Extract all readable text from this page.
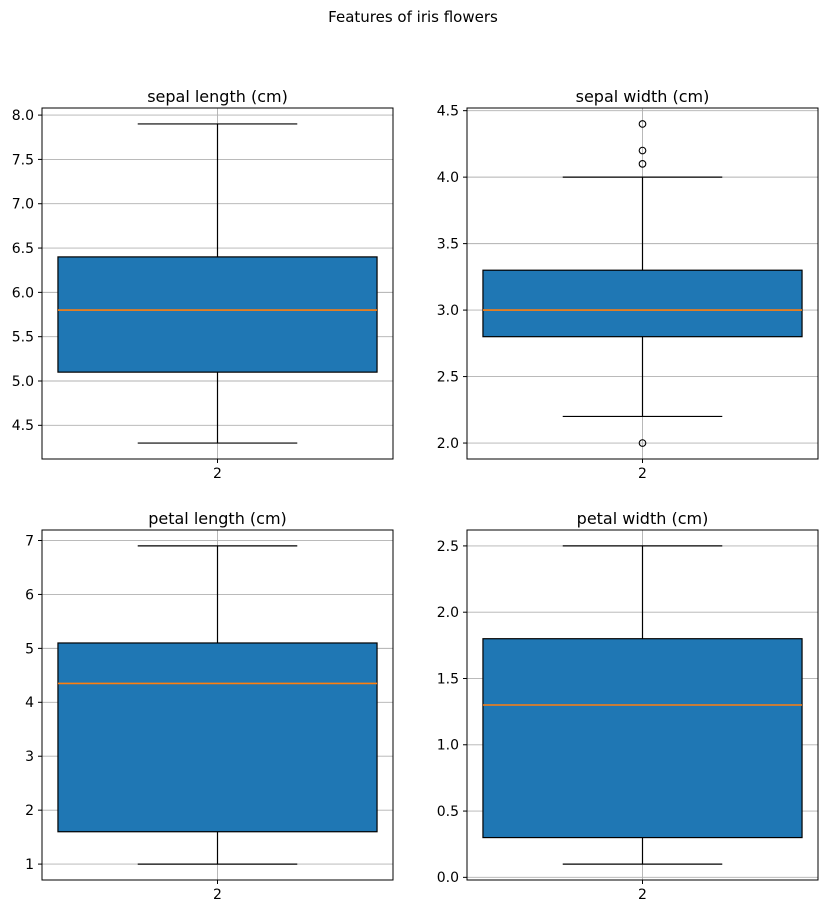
Features of iris flowers
4.5
5.0
5.5
6.0
6.5
7.0
7.5
8.0
2
sepal length (cm)
2.0
2.5
3.0
3.5
4.0
4.5
2
sepal width (cm)
1
2
3
4
5
6
7
2
petal length (cm)
0.0
0.5
1.0
1.5
2.0
2.5
2
petal width (cm)
